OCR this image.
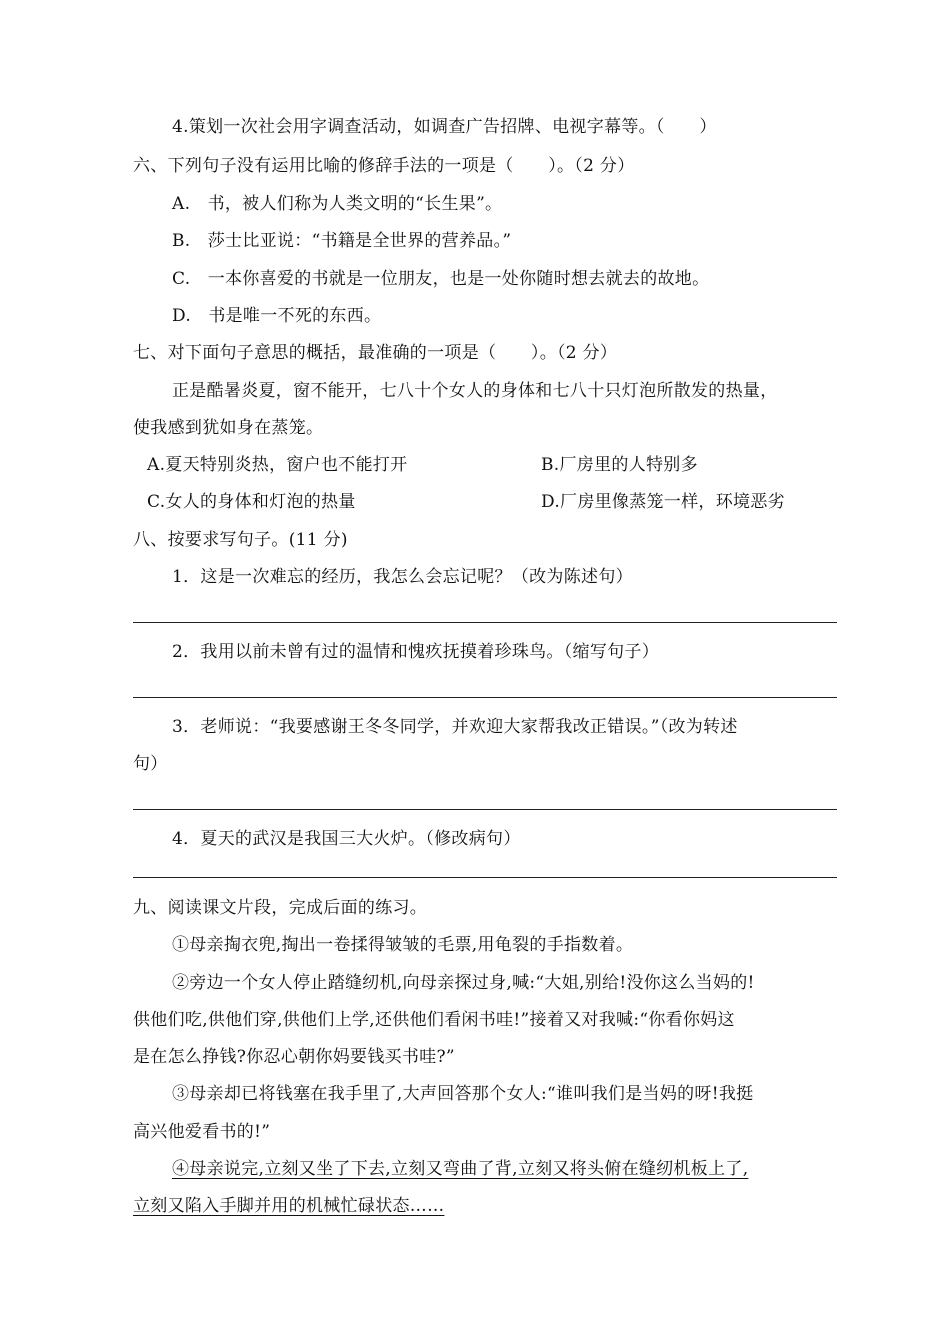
4.策划一次社会用字调查活动，如调查广告招牌、电视字幕等。（　　）
六、下列句子没有运用比喻的修辞手法的一项是（　　）。（2 分）
A.　书，被人们称为人类文明的“长生果”。
B.　莎士比亚说：“书籍是全世界的营养品。”
C.　一本你喜爱的书就是一位朋友，也是一处你随时想去就去的故地。
D.　书是唯一不死的东西。
七、对下面句子意思的概括，最准确的一项是（　　）。（2 分）
正是酷暑炎夏，窗不能开，七八十个女人的身体和七八十只灯泡所散发的热量，
使我感到犹如身在蒸笼。
A.夏天特别炎热，窗户也不能打开	B.厂房里的人特别多
C.女人的身体和灯泡的热量	D.厂房里像蒸笼一样，环境恶劣
八、按要求写句子。(11 分)
1．这是一次难忘的经历，我怎么会忘记呢？（改为陈述句）
2．我用以前未曾有过的温情和愧疚抚摸着珍珠鸟。（缩写句子）
3．老师说：“我要感谢王冬冬同学，并欢迎大家帮我改正错误。”（改为转述
句）
4．夏天的武汉是我国三大火炉。（修改病句）
九、阅读课文片段，完成后面的练习。
①母亲掏衣兜,掏出一卷揉得皱皱的毛票,用龟裂的手指数着。
②旁边一个女人停止踏缝纫机,向母亲探过身,喊:“大姐,别给!没你这么当妈的!
供他们吃,供他们穿,供他们上学,还供他们看闲书哇!”接着又对我喊:“你看你妈这
是在怎么挣钱?你忍心朝你妈要钱买书哇?”
③母亲却已将钱塞在我手里了,大声回答那个女人:“谁叫我们是当妈的呀!我挺
高兴他爱看书的!”
④母亲说完,立刻又坐了下去,立刻又弯曲了背,立刻又将头俯在缝纫机板上了,
立刻又陷入手脚并用的机械忙碌状态……
